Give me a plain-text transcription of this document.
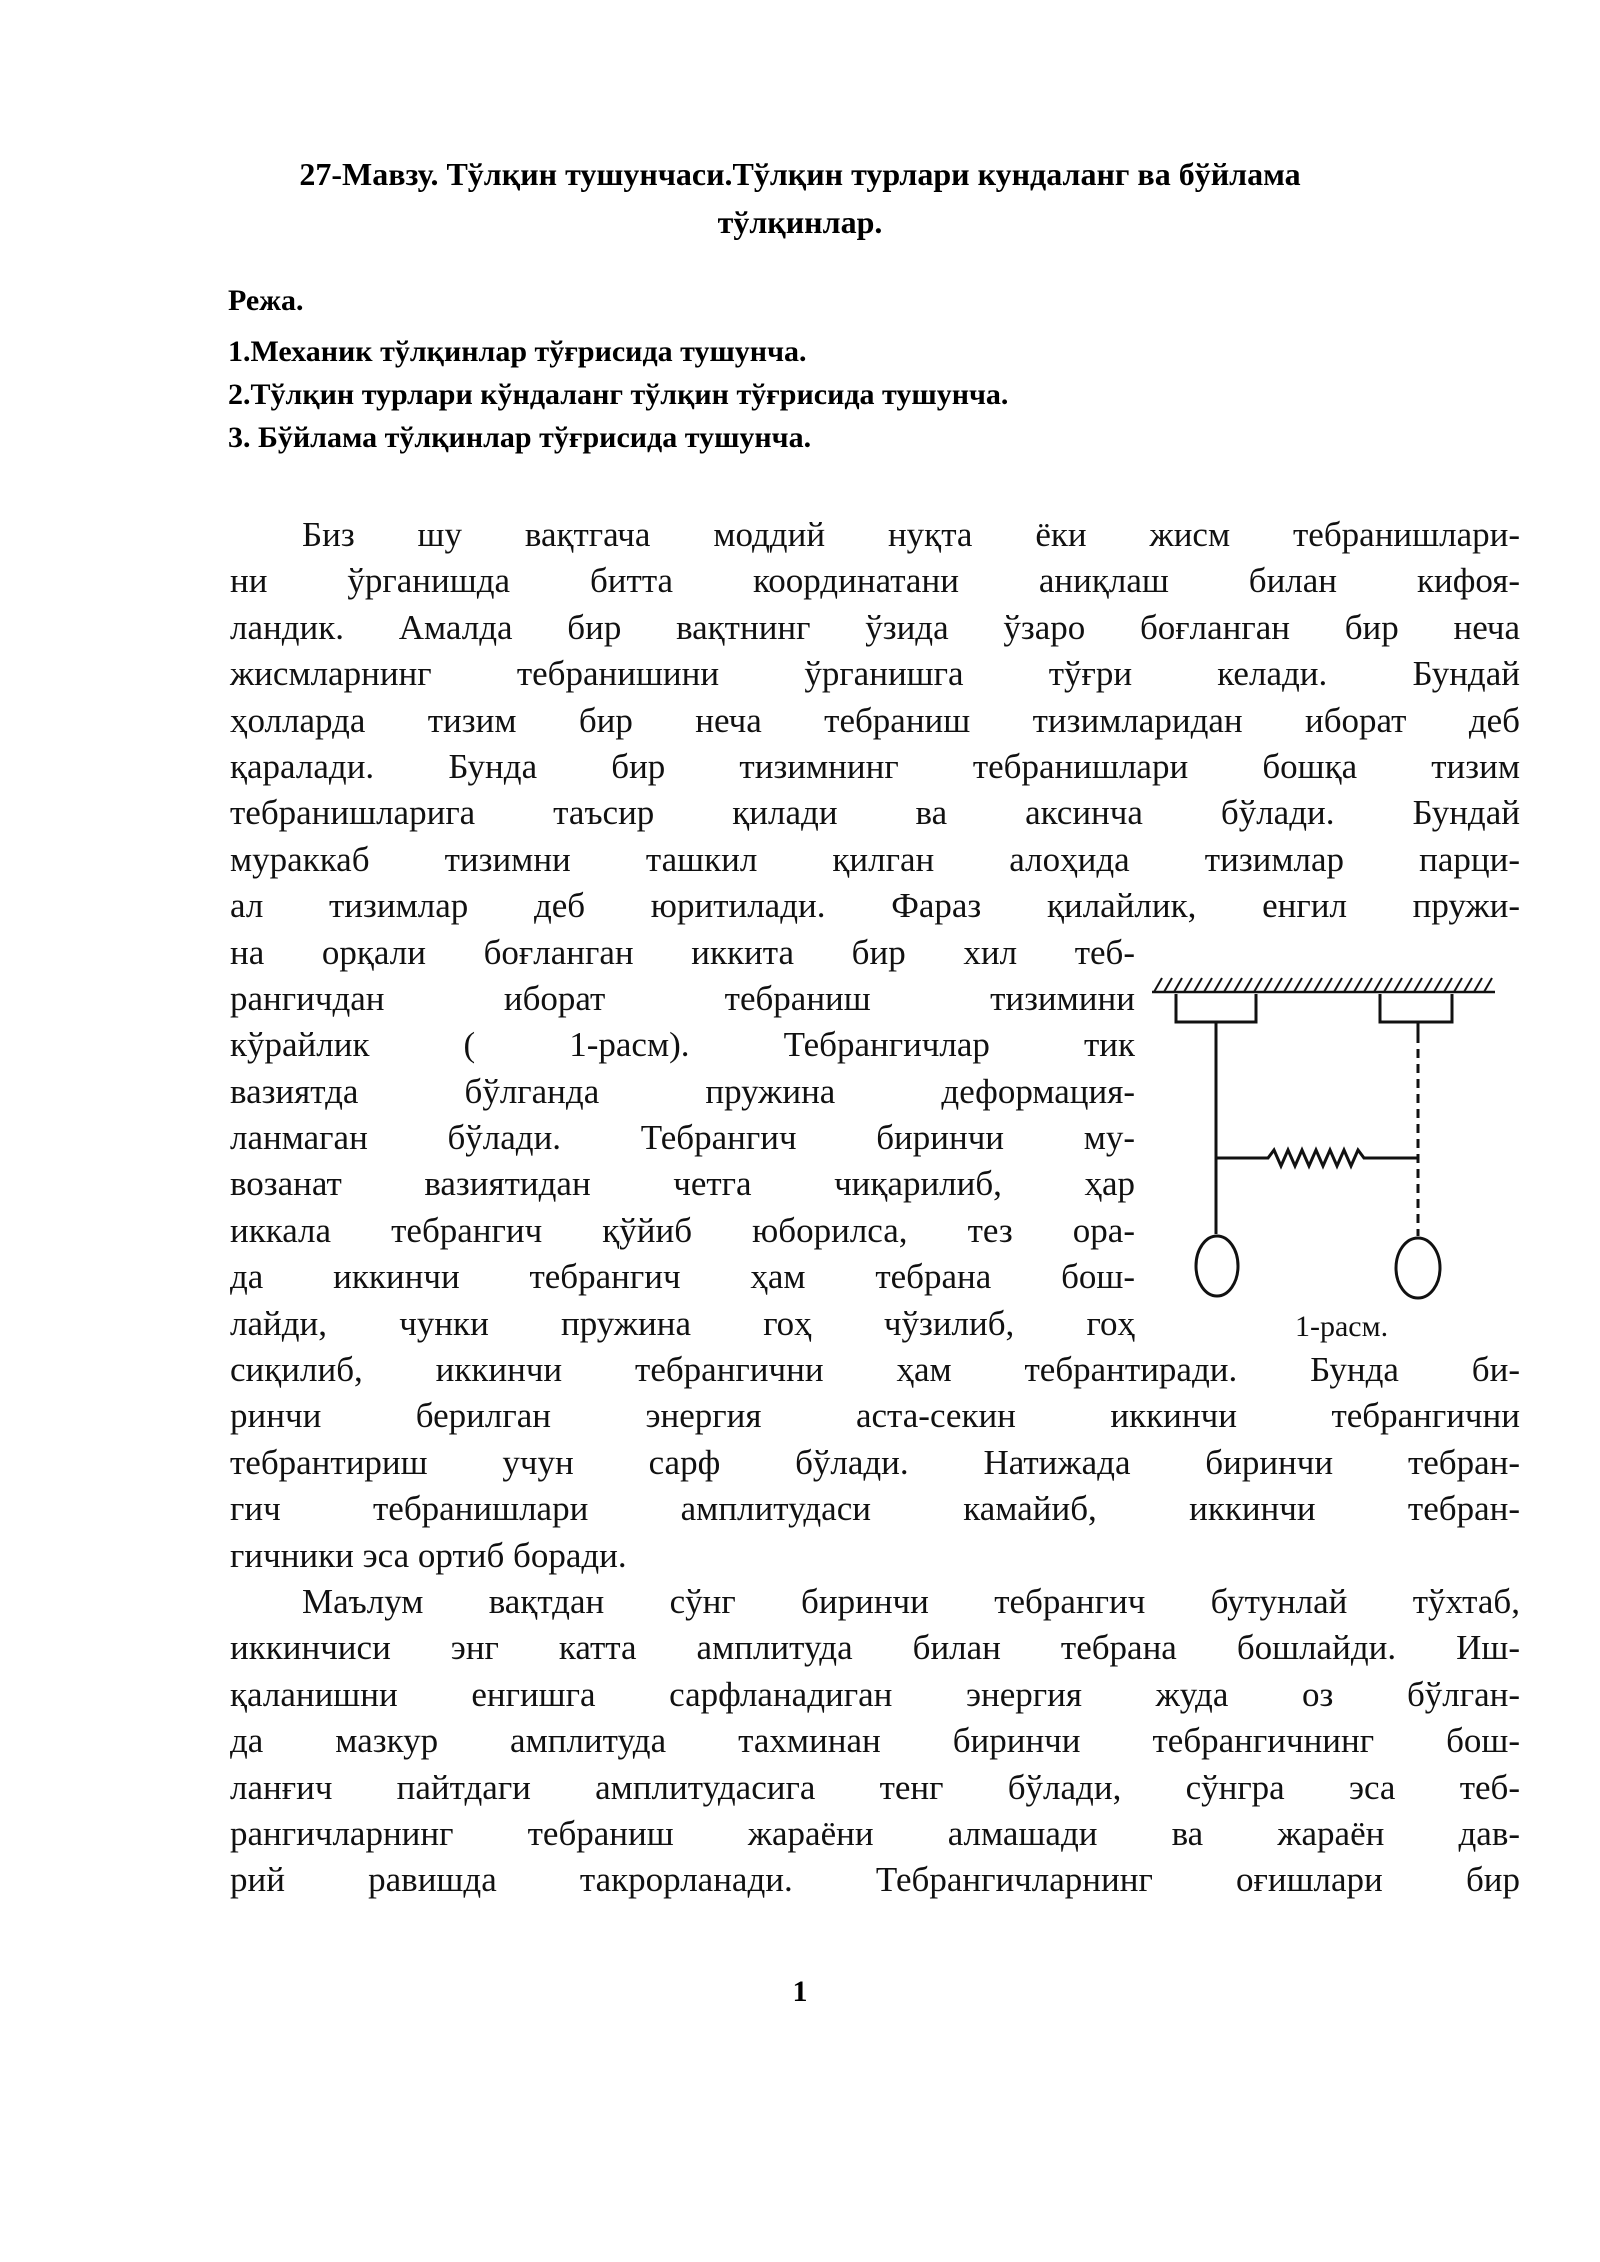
27-Мавзу. Тўлқин тушунчаси.Тўлқин турлари кундаланг ва бўйлама
тўлқинлар.
Режа.
1.Механик тўлқинлар тўғрисида тушунча.
2.Тўлқин турлари кўндаланг тўлқин тўғрисида тушунча.
3. Бўйлама тўлқинлар тўғрисида тушунча.
Биз шу вақтгача моддий нуқта ёки жисм тебранишлари-
ни ўрганишда битта координатани аниқлаш билан кифоя-
ландик. Амалда бир вақтнинг ўзида ўзаро боғланган бир неча
жисмларнинг тебранишини ўрганишга тўғри келади. Бундай
ҳолларда тизим бир неча тебраниш тизимларидан иборат деб
қаралади. Бунда бир тизимнинг тебранишлари бошқа тизим
тебранишларига таъсир қилади ва аксинча бўлади. Бундай
мураккаб тизимни ташкил қилган алоҳида тизимлар парци-
ал тизимлар деб юритилади. Фараз қилайлик, енгил пружи-
на орқали боғланган иккита бир хил теб-
рангичдан иборат тебраниш тизимини
кўрайлик ( 1-расм). Тебрангичлар тик
вазиятда бўлганда пружина деформация-
ланмаган бўлади. Тебрангич биринчи му-
возанат вазиятидан четга чиқарилиб, ҳар
иккала тебрангич қўйиб юборилса, тез ора-
да иккинчи тебрангич ҳам тебрана бош-
лайди, чунки пружина гоҳ чўзилиб, гоҳ
сиқилиб, иккинчи тебрангични ҳам тебрантиради. Бунда би-
ринчи берилган энергия аста-секин иккинчи тебрангични
тебрантириш учун сарф бўлади. Натижада биринчи тебран-
гич тебранишлари амплитудаси камайиб, иккинчи тебран-
гичники эса ортиб боради.
Маълум вақтдан сўнг биринчи тебрангич бутунлай тўхтаб,
иккинчиси энг катта амплитуда билан тебрана бошлайди. Иш-
қаланишни енгишга сарфланадиган энергия жуда оз бўлган-
да мазкур амплитуда тахминан биринчи тебрангичнинг бош-
ланғич пайтдаги амплитудасига тенг бўлади, сўнгра эса теб-
рангичларнинг тебраниш жараёни алмашади ва жараён дав-
рий равишда такрорланади. Тебрангичларнинг оғишлари бир
1-расм.
1
